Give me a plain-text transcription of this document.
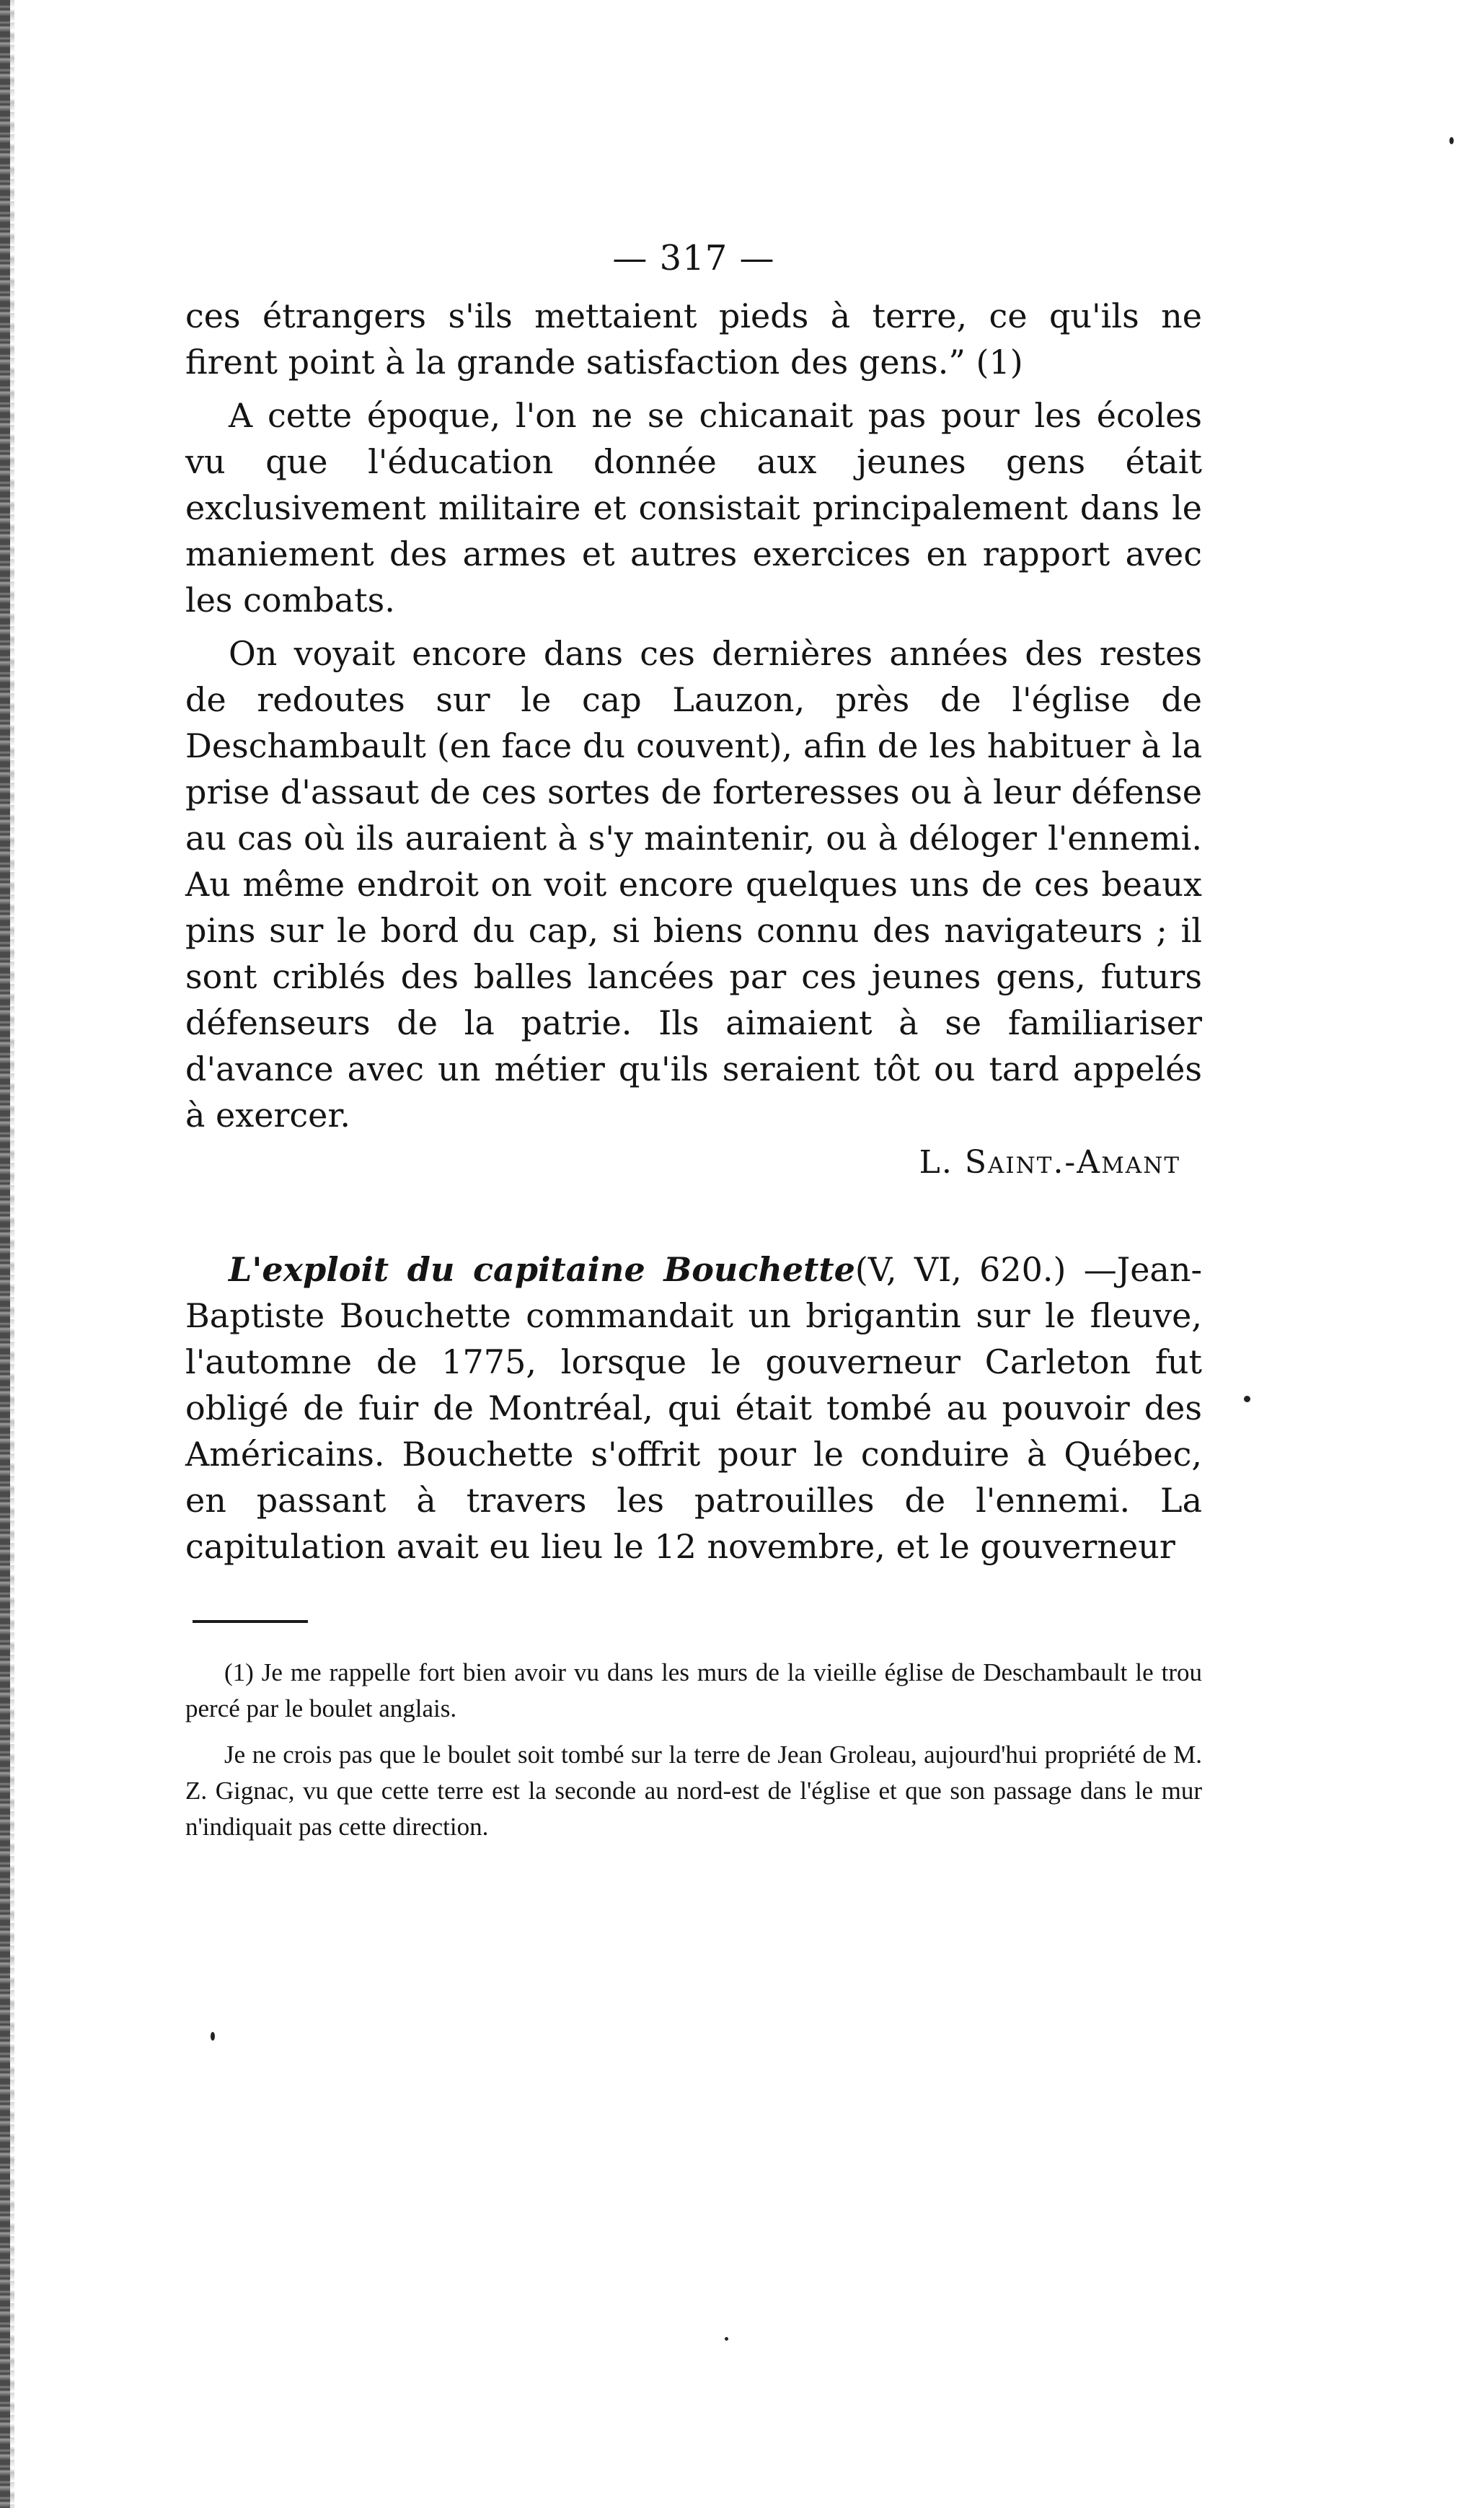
— 317 —

ces étrangers s'ils mettaient pieds à terre, ce qu'ils ne firent point à la grande satisfaction des gens.” (1)

A cette époque, l'on ne se chicanait pas pour les écoles vu que l'éducation donnée aux jeunes gens était exclusivement militaire et consistait principalement dans le maniement des armes et autres exercices en rapport avec les combats.

On voyait encore dans ces dernières années des restes de redoutes sur le cap Lauzon, près de l'église de Deschambault (en face du couvent), afin de les habituer à la prise d'assaut de ces sortes de forteresses ou à leur défense au cas où ils auraient à s'y maintenir, ou à déloger l'ennemi. Au même endroit on voit encore quelques uns de ces beaux pins sur le bord du cap, si biens connu des navigateurs ; il sont criblés des balles lancées par ces jeunes gens, futurs défenseurs de la patrie. Ils aimaient à se familiariser d'avance avec un métier qu'ils seraient tôt ou tard appelés à exercer.

L. Saint.-Amant

L'exploit du capitaine Bouchette(V, VI, 620.) —Jean-Baptiste Bouchette commandait un brigantin sur le fleuve, l'automne de 1775, lorsque le gouverneur Carleton fut obligé de fuir de Montréal, qui était tombé au pouvoir des Américains. Bouchette s'offrit pour le conduire à Québec, en passant à travers les patrouilles de l'ennemi. La capitulation avait eu lieu le 12 novembre, et le gouverneur

(1) Je me rappelle fort bien avoir vu dans les murs de la vieille église de Deschambault le trou percé par le boulet anglais.

Je ne crois pas que le boulet soit tombé sur la terre de Jean Groleau, aujourd'hui propriété de M. Z. Gignac, vu que cette terre est la seconde au nord-est de l'église et que son passage dans le mur n'indiquait pas cette direction.
